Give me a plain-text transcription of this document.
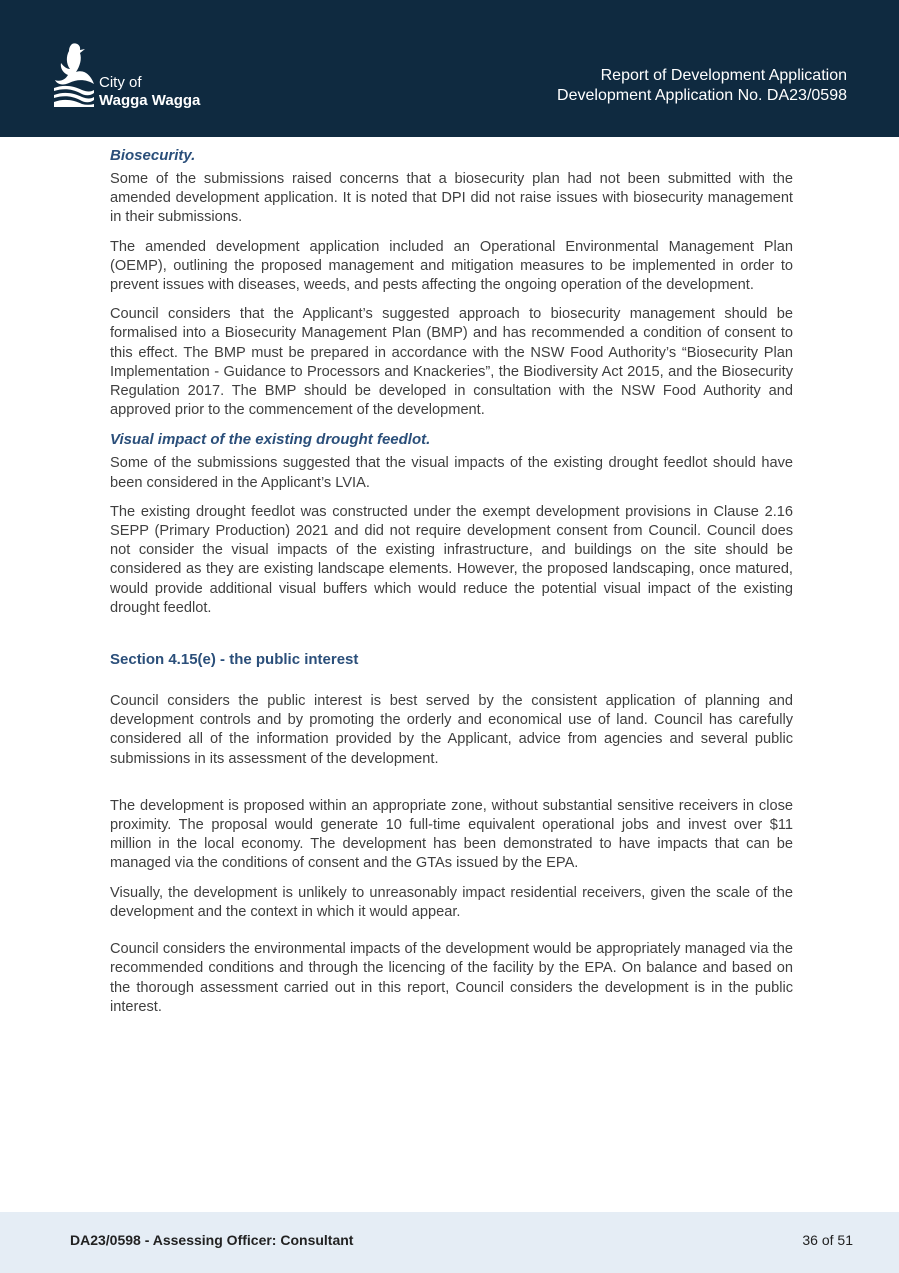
City of
Wagga Wagga
Report of Development Application
Development Application No. DA23/0598
Biosecurity.

Some of the submissions raised concerns that a biosecurity plan had not been submitted with the amended development application. It is noted that DPI did not raise issues with biosecurity management in their submissions.

The amended development application included an Operational Environmental Management Plan (OEMP), outlining the proposed management and mitigation measures to be implemented in order to prevent issues with diseases, weeds, and pests affecting the ongoing operation of the development.

Council considers that the Applicant’s suggested approach to biosecurity management should be formalised into a Biosecurity Management Plan (BMP) and has recommended a condition of consent to this effect. The BMP must be prepared in accordance with the NSW Food Authority’s “Biosecurity Plan Implementation - Guidance to Processors and Knackeries”, the Biodiversity Act 2015, and the Biosecurity Regulation 2017. The BMP should be developed in consultation with the NSW Food Authority and approved prior to the commencement of the development.

Visual impact of the existing drought feedlot.

Some of the submissions suggested that the visual impacts of the existing drought feedlot should have been considered in the Applicant’s LVIA.

The existing drought feedlot was constructed under the exempt development provisions in Clause 2.16 SEPP (Primary Production) 2021 and did not require development consent from Council. Council does not consider the visual impacts of the existing infrastructure, and buildings on the site should be considered as they are existing landscape elements. However, the proposed landscaping, once matured, would provide additional visual buffers which would reduce the potential visual impact of the existing drought feedlot.

Section 4.15(e) - the public interest

Council considers the public interest is best served by the consistent application of planning and development controls and by promoting the orderly and economical use of land. Council has carefully considered all of the information provided by the Applicant, advice from agencies and several public submissions in its assessment of the development.

The development is proposed within an appropriate zone, without substantial sensitive receivers in close proximity. The proposal would generate 10 full-time equivalent operational jobs and invest over $11 million in the local economy. The development has been demonstrated to have impacts that can be managed via the conditions of consent and the GTAs issued by the EPA.

Visually, the development is unlikely to unreasonably impact residential receivers, given the scale of the development and the context in which it would appear.

Council considers the environmental impacts of the development would be appropriately managed via the recommended conditions and through the licencing of the facility by the EPA. On balance and based on the thorough assessment carried out in this report, Council considers the development is in the public interest.

DA23/0598 - Assessing Officer: Consultant	36 of 51
